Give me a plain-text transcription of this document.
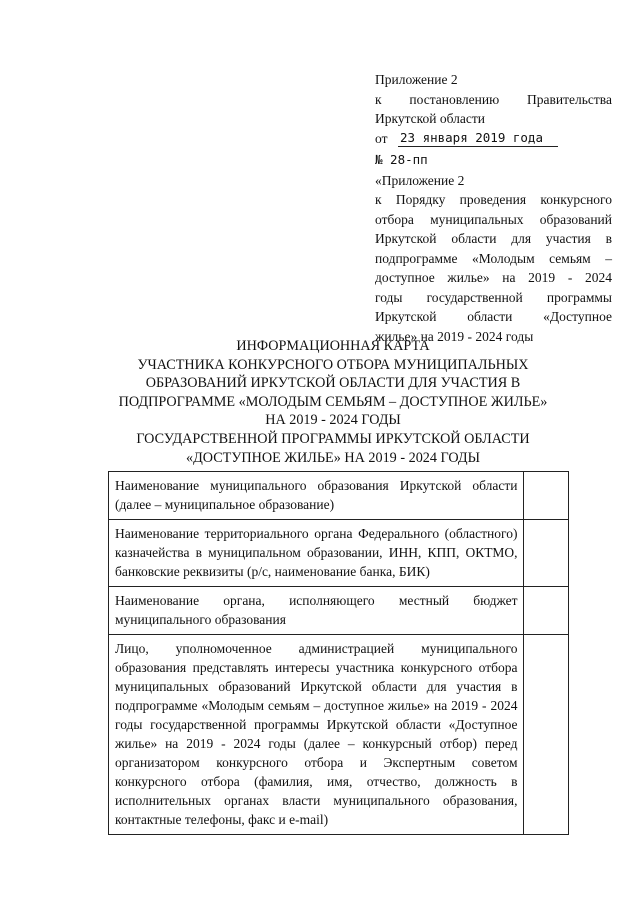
Приложение 2
к постановлению Правительства
Иркутской области
от 23 января 2019 года
№ 28-пп
«Приложение 2
к Порядку проведения конкурсного
отбора муниципальных образований
Иркутской области для участия в
подпрограмме «Молодым семьям –
доступное жилье» на 2019 - 2024
годы государственной программы
Иркутской области «Доступное
жилье» на 2019 - 2024 годы
ИНФОРМАЦИОННАЯ КАРТА
УЧАСТНИКА КОНКУРСНОГО ОТБОРА МУНИЦИПАЛЬНЫХ
ОБРАЗОВАНИЙ ИРКУТСКОЙ ОБЛАСТИ ДЛЯ УЧАСТИЯ В
ПОДПРОГРАММЕ «МОЛОДЫМ СЕМЬЯМ – ДОСТУПНОЕ ЖИЛЬЕ»
НА 2019 - 2024 ГОДЫ
ГОСУДАРСТВЕННОЙ ПРОГРАММЫ ИРКУТСКОЙ ОБЛАСТИ
«ДОСТУПНОЕ ЖИЛЬЕ» НА 2019 - 2024 ГОДЫ
Наименование муниципального образования Иркутской области (далее – муниципальное образование)	
Наименование территориального органа Федерального (областного) казначейства в муниципальном образовании, ИНН, КПП, ОКТМО, банковские реквизиты (р/с, наименование банка, БИК)	
Наименование органа, исполняющего местный бюджет муниципального образования	
Лицо, уполномоченное администрацией муниципального образования представлять интересы участника конкурсного отбора муниципальных образований Иркутской области для участия в подпрограмме «Молодым семьям – доступное жилье» на 2019 - 2024 годы государственной программы Иркутской области «Доступное жилье» на 2019 - 2024 годы (далее – конкурсный отбор) перед организатором конкурсного отбора и Экспертным советом конкурсного отбора (фамилия, имя, отчество, должность в исполнительных органах власти муниципального образования, контактные телефоны, факс и e-mail)	
